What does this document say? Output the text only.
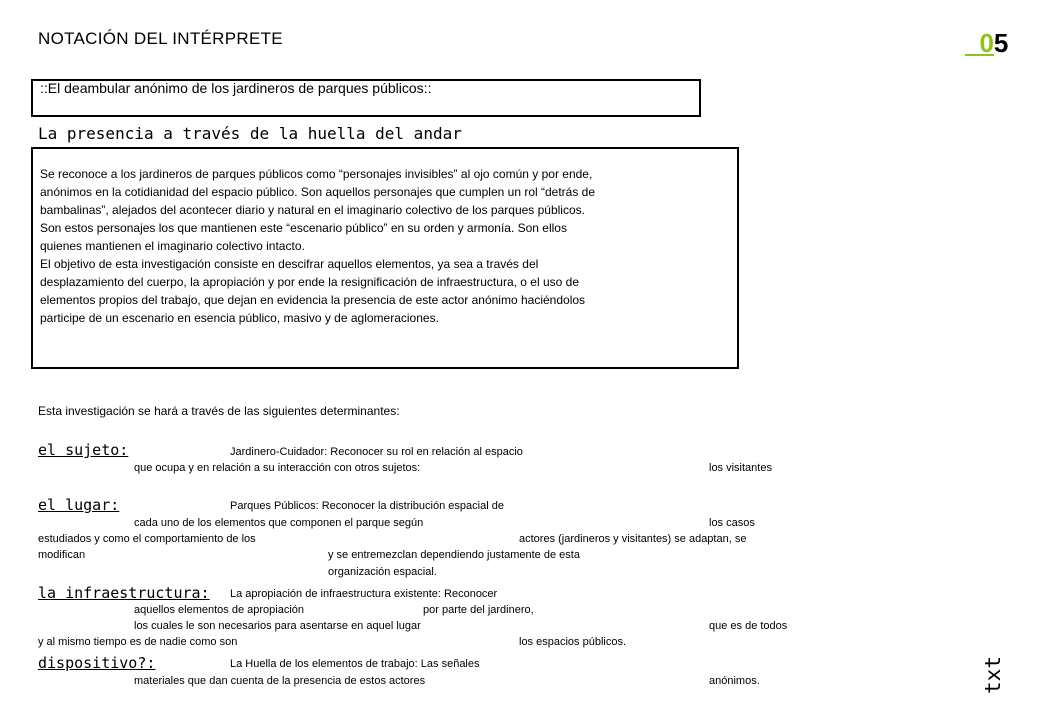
NOTACIÓN DEL INTÉRPRETE	_05
::El deambular anónimo de los jardineros de parques públicos::
La presencia a través de la huella del andar

Se reconoce a los jardineros de parques públicos como “personajes invisibles” al ojo común y por ende,

anónimos en la cotidianidad del espacio público. Son aquellos personajes que cumplen un rol “detrás de

bambalinas”, alejados del acontecer diario y natural en el imaginario colectivo de los parques públicos.

Son estos personajes los que mantienen este “escenario público” en su orden y armonía. Son ellos

quienes mantienen el imaginario colectivo intacto.

El objetivo de esta investigación consiste en descifrar aquellos elementos, ya sea a través del

desplazamiento del cuerpo, la apropiación y por ende la resignificación de infraestructura, o el uso de

elementos propios del trabajo, que dejan en evidencia la presencia de este actor anónimo haciéndolos

participe de un escenario en esencia público, masivo y de aglomeraciones.

Esta investigación se hará a través de las siguientes determinantes:
el sujeto:	Jardinero-Cuidador: Reconocer su rol en relación al espacio
que ocupa y en relación a su interacción con otros sujetos:	los visitantes
el lugar:	Parques Públicos: Reconocer la distribución espacial de
cada uno de los elementos que componen el parque según	los casos
estudiados y como el comportamiento de los	actores (jardineros y visitantes) se adaptan, se
modifican	y se entremezclan dependiendo justamente de esta
organización espacial.
la infraestructura: La apropiación de infraestructura existente: Reconocer
aquellos elementos de apropiación	por parte del jardinero,
los cuales le son necesarios para asentarse en aquel lugar	que es de todos
y al mismo tiempo es de nadie como son	los espacios públicos.
dispositivo?:	La Huella de los elementos de trabajo: Las señales
materiales que dan cuenta de la presencia de estos actores	anónimos.	txt
